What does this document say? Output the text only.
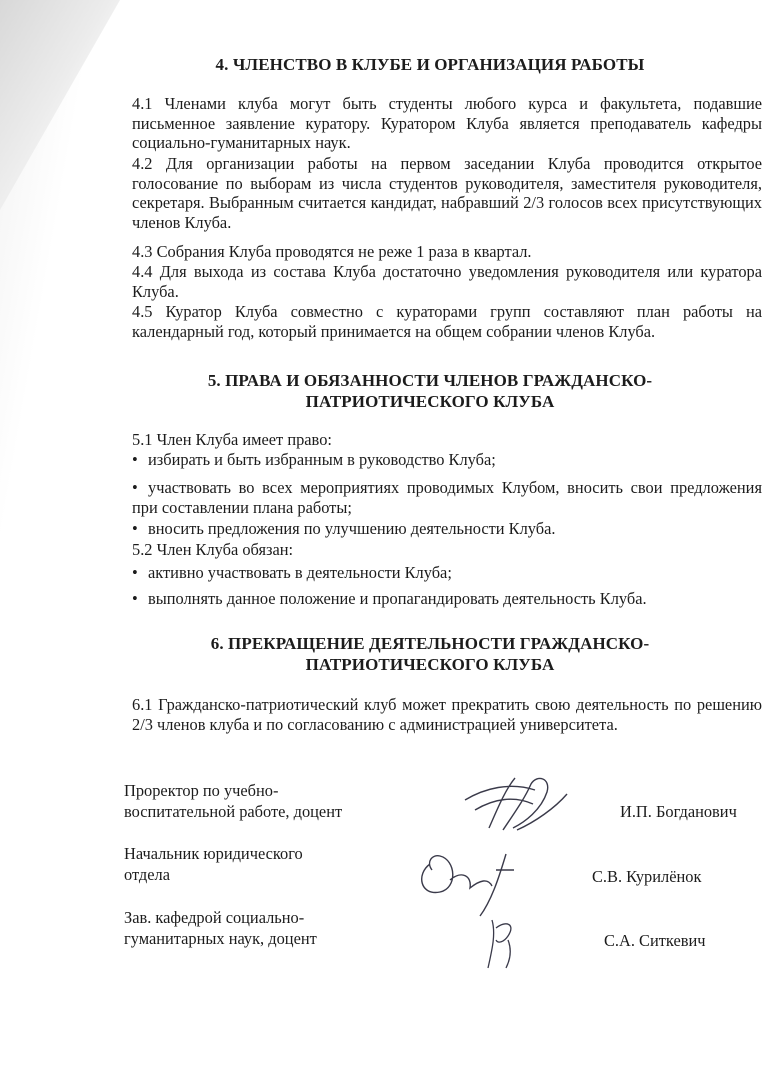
4. ЧЛЕНСТВО В КЛУБЕ И ОРГАНИЗАЦИЯ РАБОТЫ

4.1 Членами клуба могут быть студенты любого курса и факультета, подавшие письменное заявление куратору. Куратором Клуба является преподаватель кафедры социально-гуманитарных наук.

4.2 Для организации работы на первом заседании Клуба проводится открытое голосование по выборам из числа студентов руководителя, заместителя руководителя, секретаря. Выбранным считается кандидат, набравший 2/3 голосов всех присутствующих членов Клуба.

4.3 Собрания Клуба проводятся не реже 1 раза в квартал.

4.4 Для выхода из состава Клуба достаточно уведомления руководителя или куратора Клуба.

4.5 Куратор Клуба совместно с кураторами групп составляют план работы на календарный год, который принимается на общем собрании членов Клуба.

5. ПРАВА И ОБЯЗАННОСТИ ЧЛЕНОВ ГРАЖДАНСКО-ПАТРИОТИЧЕСКОГО КЛУБА

5.1 Член Клуба имеет право:

• избирать и быть избранным в руководство Клуба;

• участвовать во всех мероприятиях проводимых Клубом, вносить свои предложения при составлении плана работы;

• вносить предложения по улучшению деятельности Клуба.

5.2 Член Клуба обязан:

• активно участвовать в деятельности Клуба;

• выполнять данное положение и пропагандировать деятельность Клуба.

6. ПРЕКРАЩЕНИЕ ДЕЯТЕЛЬНОСТИ ГРАЖДАНСКО-ПАТРИОТИЧЕСКОГО КЛУБА

6.1 Гражданско-патриотический клуб может прекратить свою деятельность по решению 2/3 членов клуба и по согласованию с администрацией университета.

Проректор по учебно-воспитательной работе, доцент	И.П. Богданович
Начальник юридического отдела	С.В. Курилёнок
Зав. кафедрой социально-гуманитарных наук, доцент	С.А. Ситкевич
